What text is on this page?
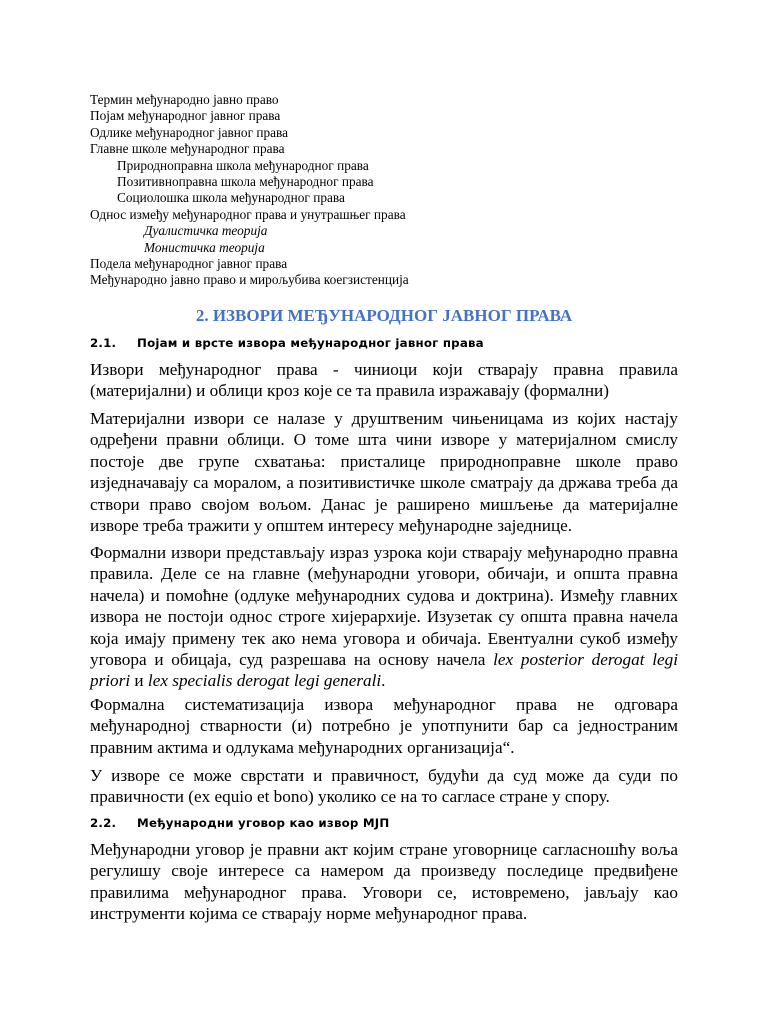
Термин међународно јавно право
Појам међународног јавног права
Одлике међународног јавног права
Главне школе међународног права
Природноправна школа међународног права
Позитивноправна школа међународног права
Социолошка школа међународног права
Однос између међународног права и унутрашњег права
Дуалистичка теорија
Монистичка теорија
Подела међународног јавног права
Међународно јавно право и мирољубива коегзистенција
2. ИЗВОРИ МЕЂУНАРОДНОГ ЈАВНОГ ПРАВА
2.1. Појам и врсте извора међународног јавног права
Извори међународног права - чиниоци који стварају правна правила (материјални) и облици кроз које се та правила изражавају (формални)
Материјални извори се налазе у друштвеним чињеницама из којих настају одређени правни облици. О томе шта чини изворе у материјалном смислу постоје две групе схватања: присталице природноправне школе право изједначавају са моралом, а позитивистичке школе сматрају да држава треба да створи право својом вољом. Данас је раширено мишљење да материјалне изворе треба тражити у општем интересу међународне заједнице.
Формални извори представљају израз узрока који стварају међународно правна правила. Деле се на главне (међународни уговори, обичаји, и општа правна начела) и помоћне (одлуке међународних судова и доктрина). Између главних извора не постоји однос строге хијерархије. Изузетак су општа правна начела која имају примену тек ако нема уговора и обичаја. Евентуални сукоб између уговора и обицаја, суд разрешава на основу начела lex posterior derogat legi priori и lex specialis derogat legi generali.
Формална систематизација извора међународног права не одговара међународној стварности (и) потребно је употпунити бар са једностраним правним актима и одлукама међународних организација“.
У изворе се може сврстати и правичност, будући да суд може да суди по правичности (ex equio et bono) уколико се на то сагласе стране у спору.
2.2. Међународни уговор као извор МЈП
Међународни уговор је правни акт којим стране уговорнице сагласношћу воља регулишу своје интересе са намером да произведу последице предвиђене правилима међународног права. Уговори се, истовремено, јављају као инструменти којима се стварају норме међународног права.
